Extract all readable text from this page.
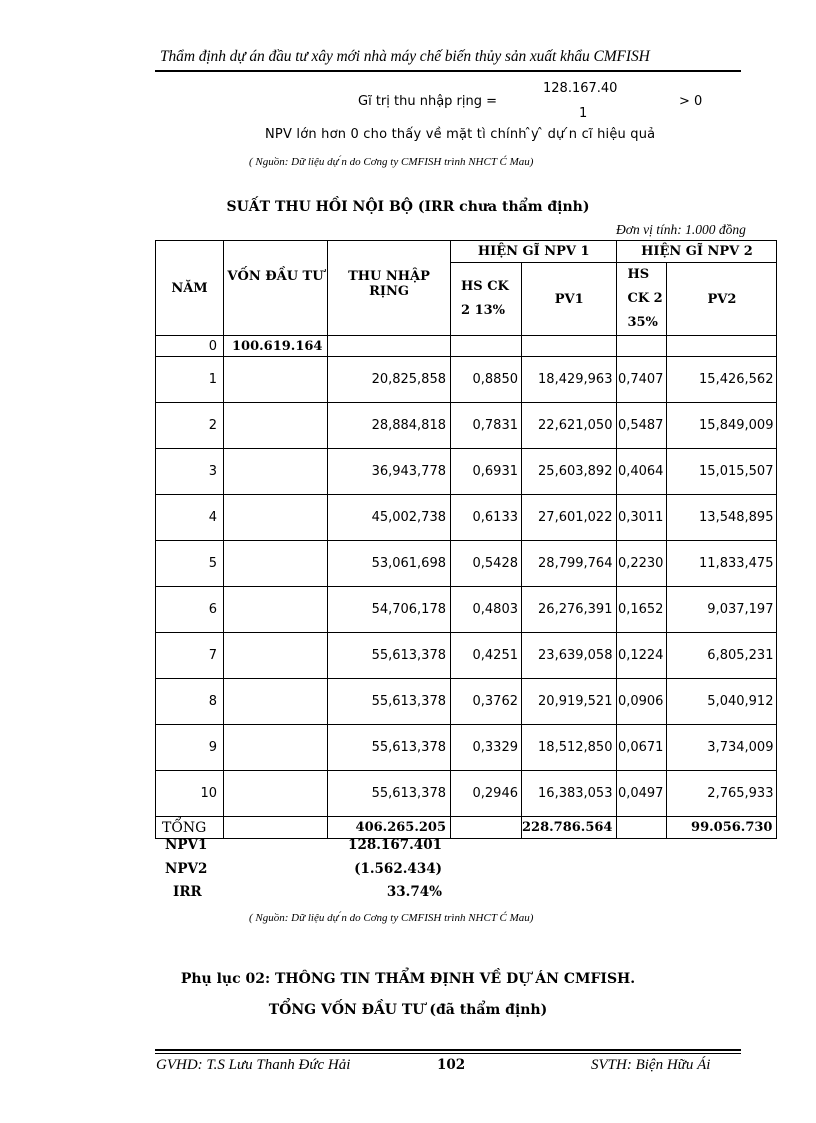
Thẩm định dự án đầu tư xây mới nhà máy chế biến thủy sản xuất khẩu CMFISH
Gĩ trị thu nhập rịng =
128.167.40
1
> 0
NPV lớn hơn 0 cho thấy về mặt tì chính ̂y ̂ dự ́n cĩ hiệu quả
( Nguồn: Dữ liệu dự ́n do Cơng ty CMFISH trình NHCT Ć Mau)
SUẤT THU HỒI NỘI BỘ (IRR chưa thẩm định)
Đơn vị tính: 1.000 đồng
NĂM	VỐN ĐẦU TƯ	THU NHẬP RỊNG	HIỆN GĨ NPV 1		HIỆN GĨ NPV 2	
			HS CK 2 13%	PV1	HS CK 2 35%	PV2
0	100.619.164					
1		20,825,858	0,8850	18,429,963	0,7407	15,426,562
2		28,884,818	0,7831	22,621,050	0,5487	15,849,009
3		36,943,778	0,6931	25,603,892	0,4064	15,015,507
4		45,002,738	0,6133	27,601,022	0,3011	13,548,895
5		53,061,698	0,5428	28,799,764	0,2230	11,833,475
6		54,706,178	0,4803	26,276,391	0,1652	9,037,197
7		55,613,378	0,4251	23,639,058	0,1224	6,805,231
8		55,613,378	0,3762	20,919,521	0,0906	5,040,912
9		55,613,378	0,3329	18,512,850	0,0671	3,734,009
10		55,613,378	0,2946	16,383,053	0,0497	2,765,933
TỔNG		406.265.205		228.786.564		99.056.730
NPV1	128.167.401
NPV2	(1.562.434)
IRR	33.74%
( Nguồn: Dữ liệu dự ́n do Cơng ty CMFISH trình NHCT Ć Mau)
Phụ lục 02: THÔNG TIN THẨM ĐỊNH VỀ DỰ ÁN CMFISH.
TỔNG VỐN ĐẦU TƯ (đã thẩm định)
GVHD: T.S Lưu Thanh Đức Hải	102	SVTH: Biện Hữu Ái
